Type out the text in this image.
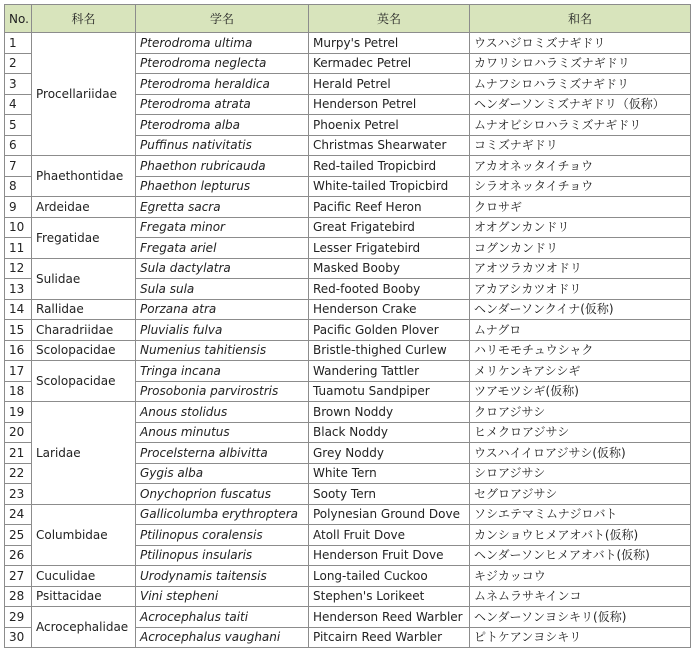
No.	科名	学名	英名	和名
1	Procellariidae	Pterodroma ultima	Murpy's Petrel	ウスハジロミズナギドリ
2		Pterodroma neglecta	Kermadec Petrel	カワリシロハラミズナギドリ
3		Pterodroma heraldica	Herald Petrel	ムナフシロハラミズナギドリ
4		Pterodroma atrata	Henderson Petrel	ヘンダーソンミズナギドリ（仮称）
5		Pterodroma alba	Phoenix Petrel	ムナオビシロハラミズナギドリ
6		Puffinus nativitatis	Christmas Shearwater	コミズナギドリ
7	Phaethontidae	Phaethon rubricauda	Red-tailed Tropicbird	アカオネッタイチョウ
8		Phaethon lepturus	White-tailed Tropicbird	シラオネッタイチョウ
9	Ardeidae	Egretta sacra	Pacific Reef Heron	クロサギ
10	Fregatidae	Fregata minor	Great Frigatebird	オオグンカンドリ
11		Fregata ariel	Lesser Frigatebird	コグンカンドリ
12	Sulidae	Sula dactylatra	Masked Booby	アオツラカツオドリ
13		Sula sula	Red-footed Booby	アカアシカツオドリ
14	Rallidae	Porzana atra	Henderson Crake	ヘンダーソンクイナ(仮称)
15	Charadriidae	Pluvialis fulva	Pacific Golden Plover	ムナグロ
16	Scolopacidae	Numenius tahitiensis	Bristle-thighed Curlew	ハリモモチュウシャク
17	Scolopacidae	Tringa incana	Wandering Tattler	メリケンキアシシギ
18		Prosobonia parvirostris	Tuamotu Sandpiper	ツアモツシギ(仮称)
19	Laridae	Anous stolidus	Brown Noddy	クロアジサシ
20		Anous minutus	Black Noddy	ヒメクロアジサシ
21		Procelsterna albivitta	Grey Noddy	ウスハイイロアジサシ(仮称)
22		Gygis alba	White Tern	シロアジサシ
23		Onychoprion fuscatus	Sooty Tern	セグロアジサシ
24	Columbidae	Gallicolumba erythroptera	Polynesian Ground Dove	ソシエテマミムナジロバト
25		Ptilinopus coralensis	Atoll Fruit Dove	カンショウヒメアオバト(仮称)
26		Ptilinopus insularis	Henderson Fruit Dove	ヘンダーソンヒメアオバト(仮称)
27	Cuculidae	Urodynamis taitensis	Long-tailed Cuckoo	キジカッコウ
28	Psittacidae	Vini stepheni	Stephen's Lorikeet	ムネムラサキインコ
29	Acrocephalidae	Acrocephalus taiti	Henderson Reed Warbler	ヘンダーソンヨシキリ(仮称)
30		Acrocephalus vaughani	Pitcairn Reed Warbler	ピトケアンヨシキリ
